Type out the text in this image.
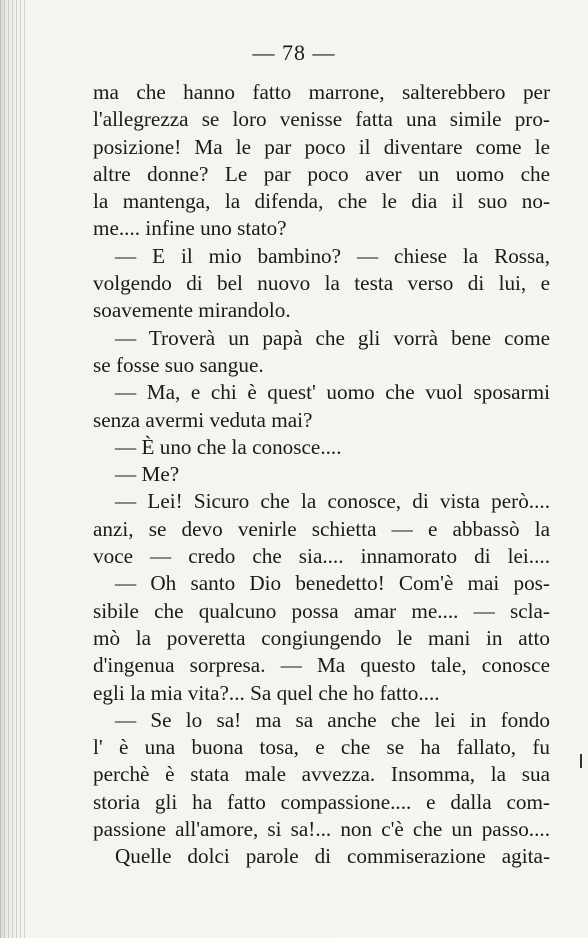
— 78 —
ma che hanno fatto marrone, salterebbero per
l'allegrezza se loro venisse fatta una simile pro-
posizione! Ma le par poco il diventare come le
altre donne? Le par poco aver un uomo che
la mantenga, la difenda, che le dia il suo no-
me.... infine uno stato?
— E il mio bambino? — chiese la Rossa,
volgendo di bel nuovo la testa verso di lui, e
soavemente mirandolo.
— Troverà un papà che gli vorrà bene come
se fosse suo sangue.
— Ma, e chi è quest' uomo che vuol sposarmi
senza avermi veduta mai?
— È uno che la conosce....
— Me?
— Lei! Sicuro che la conosce, di vista però....
anzi, se devo venirle schietta — e abbassò la
voce — credo che sia.... innamorato di lei....
— Oh santo Dio benedetto! Com'è mai pos-
sibile che qualcuno possa amar me.... — scla-
mò la poveretta congiungendo le mani in atto
d'ingenua sorpresa. — Ma questo tale, conosce
egli la mia vita?... Sa quel che ho fatto....
— Se lo sa! ma sa anche che lei in fondo
l' è una buona tosa, e che se ha fallato, fu
perchè è stata male avvezza. Insomma, la sua
storia gli ha fatto compassione.... e dalla com-
passione all'amore, si sa!... non c'è che un passo....
Quelle dolci parole di commiserazione agita-
